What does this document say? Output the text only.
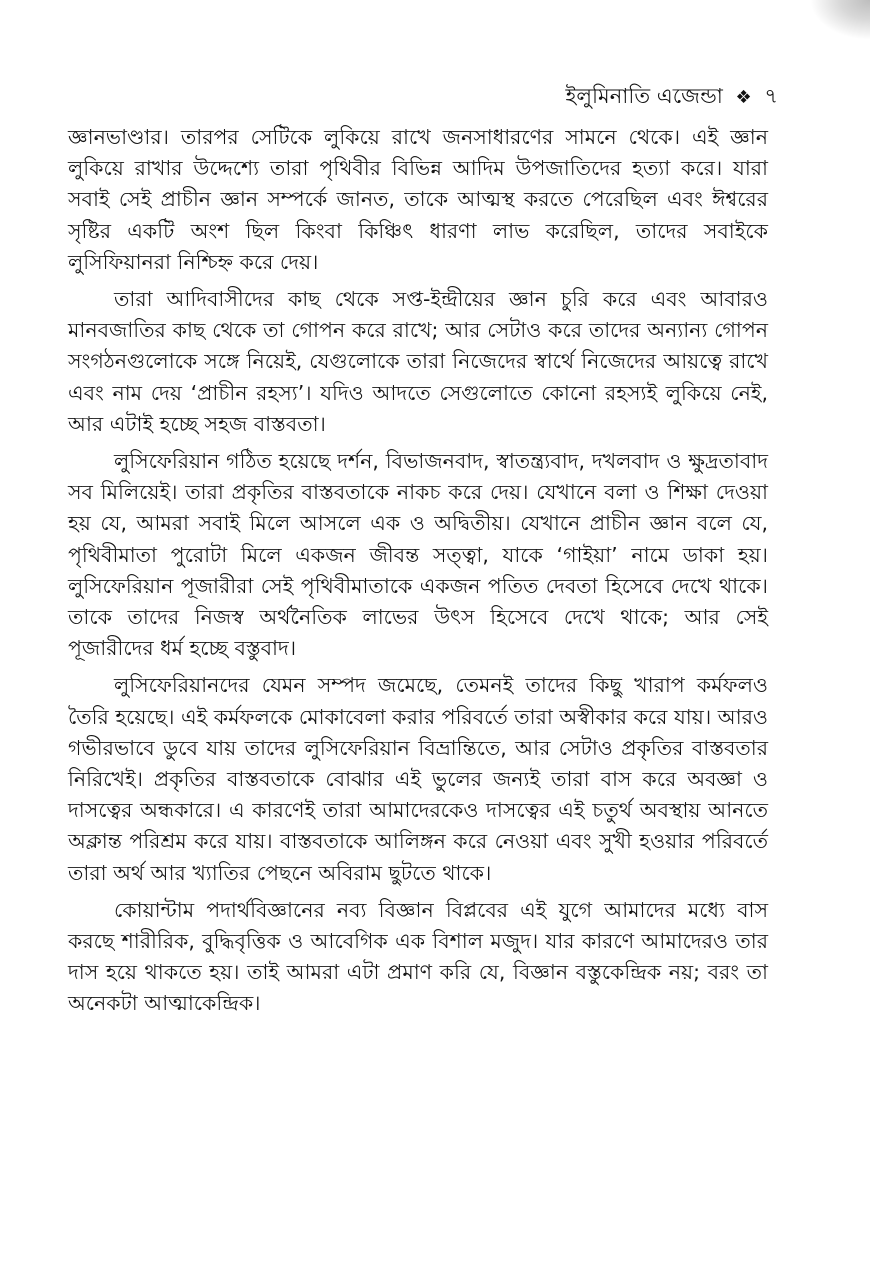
ইলুমিনাতি এজেন্ডা ❖ ৭

জ্ঞানভাণ্ডার। তারপর সেটিকে লুকিয়ে রাখে জনসাধারণের সামনে থেকে। এই জ্ঞান লুকিয়ে রাখার উদ্দেশ্যে তারা পৃথিবীর বিভিন্ন আদিম উপজাতিদের হত্যা করে। যারা সবাই সেই প্রাচীন জ্ঞান সম্পর্কে জানত, তাকে আত্মস্থ করতে পেরেছিল এবং ঈশ্বরের সৃষ্টির একটি অংশ ছিল কিংবা কিঞ্চিৎ ধারণা লাভ করেছিল, তাদের সবাইকে লুসিফিয়ানরা নিশ্চিহ্ন করে দেয়।

তারা আদিবাসীদের কাছ থেকে সপ্ত-ইন্দ্রীয়ের জ্ঞান চুরি করে এবং আবারও মানবজাতির কাছ থেকে তা গোপন করে রাখে; আর সেটাও করে তাদের অন্যান্য গোপন সংগঠনগুলোকে সঙ্গে নিয়েই, যেগুলোকে তারা নিজেদের স্বার্থে নিজেদের আয়ত্বে রাখে এবং নাম দেয় ‘প্রাচীন রহস্য’। যদিও আদতে সেগুলোতে কোনো রহস্যই লুকিয়ে নেই, আর এটাই হচ্ছে সহজ বাস্তবতা।

লুসিফেরিয়ান গঠিত হয়েছে দর্শন, বিভাজনবাদ, স্বাতন্ত্র্যবাদ, দখলবাদ ও ক্ষুদ্রতাবাদ সব মিলিয়েই। তারা প্রকৃতির বাস্তবতাকে নাকচ করে দেয়। যেখানে বলা ও শিক্ষা দেওয়া হয় যে, আমরা সবাই মিলে আসলে এক ও অদ্বিতীয়। যেখানে প্রাচীন জ্ঞান বলে যে, পৃথিবীমাতা পুরোটা মিলে একজন জীবন্ত সত্ত্বা, যাকে ‘গাইয়া’ নামে ডাকা হয়। লুসিফেরিয়ান পূজারীরা সেই পৃথিবীমাতাকে একজন পতিত দেবতা হিসেবে দেখে থাকে। তাকে তাদের নিজস্ব অর্থনৈতিক লাভের উৎস হিসেবে দেখে থাকে; আর সেই পূজারীদের ধর্ম হচ্ছে বস্তুবাদ।

লুসিফেরিয়ানদের যেমন সম্পদ জমেছে, তেমনই তাদের কিছু খারাপ কর্মফলও তৈরি হয়েছে। এই কর্মফলকে মোকাবেলা করার পরিবর্তে তারা অস্বীকার করে যায়। আরও গভীরভাবে ডুবে যায় তাদের লুসিফেরিয়ান বিভ্রান্তিতে, আর সেটাও প্রকৃতির বাস্তবতার নিরিখেই। প্রকৃতির বাস্তবতাকে বোঝার এই ভুলের জন্যই তারা বাস করে অবজ্ঞা ও দাসত্বের অন্ধকারে। এ কারণেই তারা আমাদেরকেও দাসত্বের এই চতুর্থ অবস্থায় আনতে অক্লান্ত পরিশ্রম করে যায়। বাস্তবতাকে আলিঙ্গন করে নেওয়া এবং সুখী হওয়ার পরিবর্তে তারা অর্থ আর খ্যাতির পেছনে অবিরাম ছুটতে থাকে।

কোয়ান্টাম পদার্থবিজ্ঞানের নব্য বিজ্ঞান বিপ্লবের এই যুগে আমাদের মধ্যে বাস করছে শারীরিক, বুদ্ধিবৃত্তিক ও আবেগিক এক বিশাল মজুদ। যার কারণে আমাদেরও তার দাস হয়ে থাকতে হয়। তাই আমরা এটা প্রমাণ করি যে, বিজ্ঞান বস্তুকেন্দ্রিক নয়; বরং তা অনেকটা আত্মাকেন্দ্রিক।
